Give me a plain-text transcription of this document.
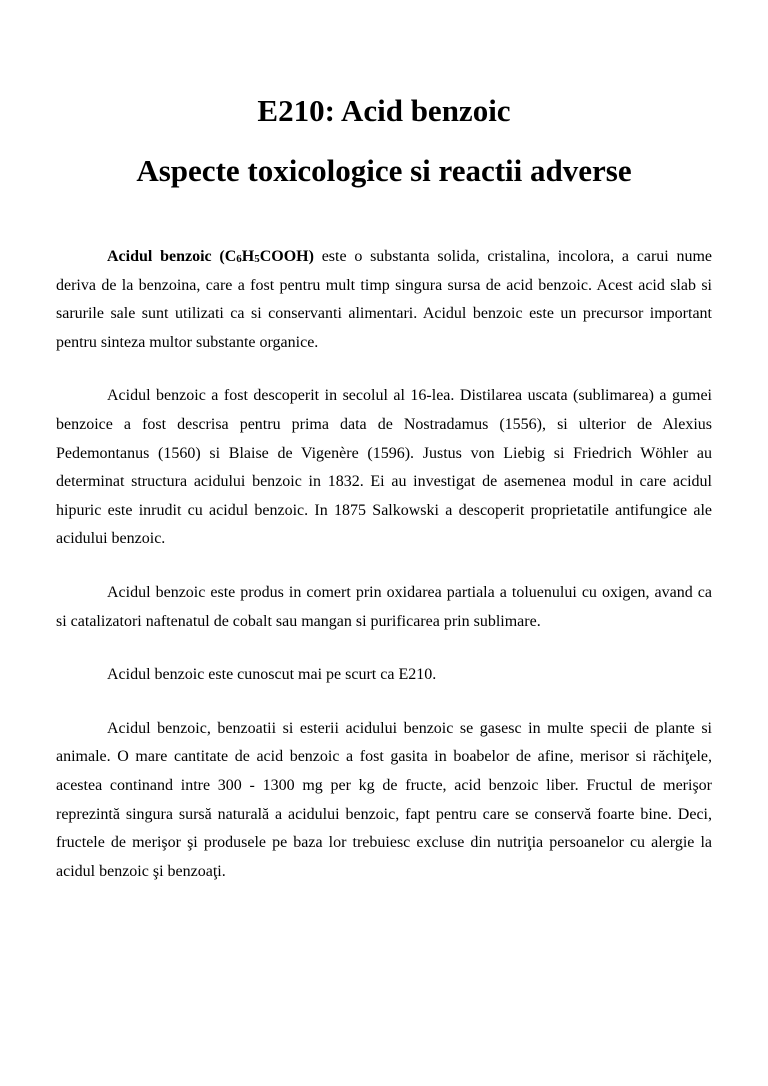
E210: Acid benzoic
Aspecte toxicologice si reactii adverse

Acidul benzoic (C6H5COOH) este o substanta solida, cristalina, incolora, a carui nume deriva de la benzoina, care a fost pentru mult timp singura sursa de acid benzoic. Acest acid slab si sarurile sale sunt utilizati ca si conservanti alimentari. Acidul benzoic este un precursor important pentru sinteza multor substante organice.

Acidul benzoic a fost descoperit in secolul al 16-lea. Distilarea uscata (sublimarea) a gumei benzoice a fost descrisa pentru prima data de Nostradamus (1556), si ulterior de Alexius Pedemontanus (1560) si Blaise de Vigenère (1596). Justus von Liebig si Friedrich Wöhler au determinat structura acidului benzoic in 1832. Ei au investigat de asemenea modul in care acidul hipuric este inrudit cu acidul benzoic. In 1875 Salkowski a descoperit proprietatile antifungice ale acidului benzoic.

Acidul benzoic este produs in comert prin oxidarea partiala a toluenului cu oxigen, avand ca si catalizatori naftenatul de cobalt sau mangan si purificarea prin sublimare.

Acidul benzoic este cunoscut mai pe scurt ca E210.

Acidul benzoic, benzoatii si esterii acidului benzoic se gasesc in multe specii de plante si animale. O mare cantitate de acid benzoic a fost gasita in boabelor de afine, merisor si răchiţele, acestea continand intre 300 - 1300 mg per kg de fructe, acid benzoic liber. Fructul de merişor reprezintă singura sursă naturală a acidului benzoic, fapt pentru care se conservă foarte bine. Deci, fructele de merişor şi produsele pe baza lor trebuiesc excluse din nutriţia persoanelor cu alergie la acidul benzoic şi benzoaţi.
